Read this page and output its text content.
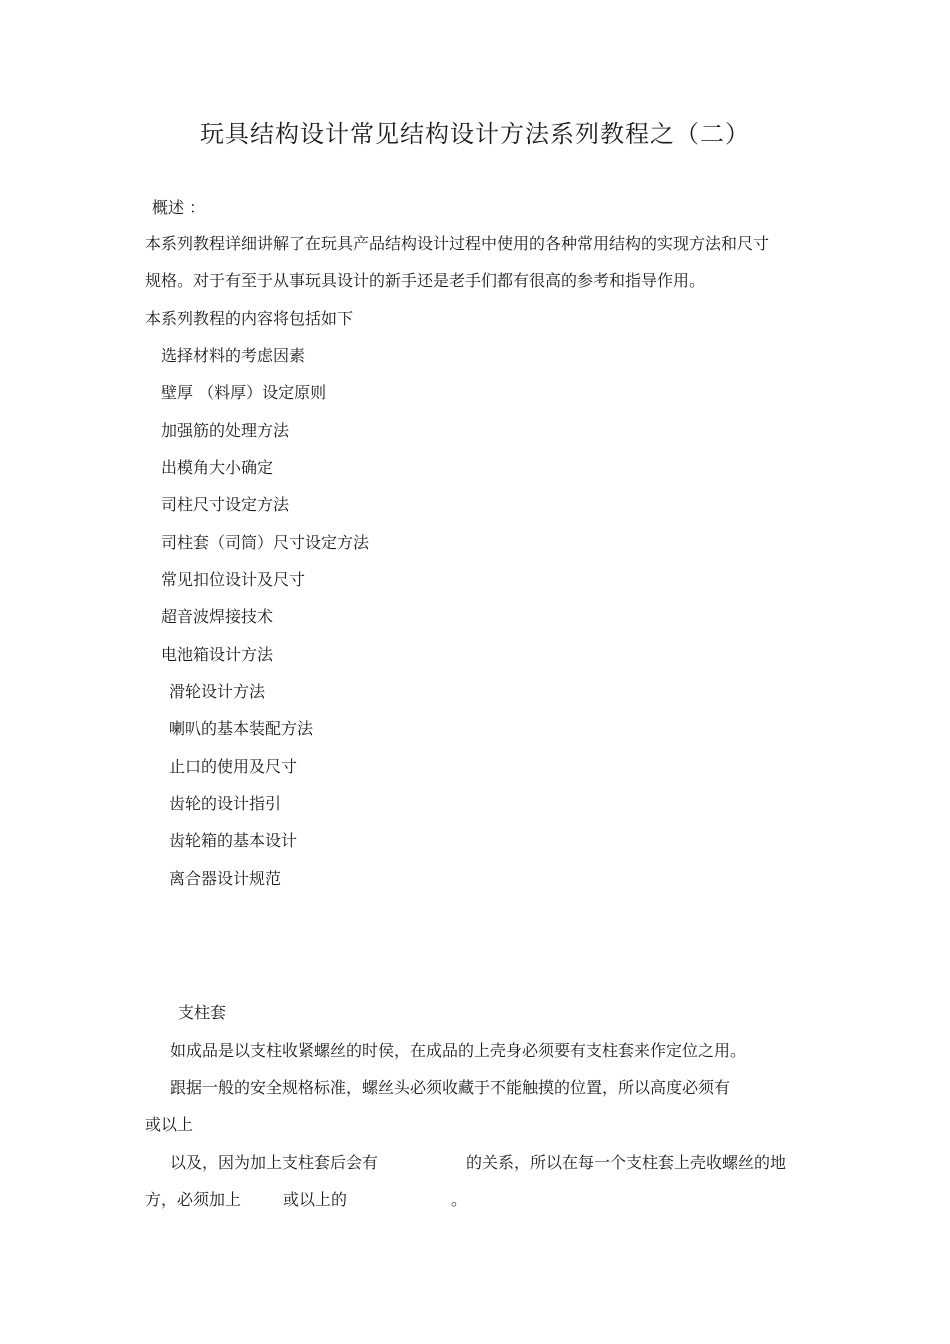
玩具结构设计常见结构设计方法系列教程之（二）
概述 ：
本系列教程详细讲解了在玩具产品结构设计过程中使用的各种常用结构的实现方法和尺寸
规格。对于有至于从事玩具设计的新手还是老手们都有很高的参考和指导作用。
本系列教程的内容将包括如下
选择材料的考虑因素
壁厚 （料厚）设定原则
加强筋的处理方法
出模角大小确定
司柱尺寸设定方法
司柱套（司筒）尺寸设定方法
常见扣位设计及尺寸
超音波焊接技术
电池箱设计方法
滑轮设计方法
喇叭的基本装配方法
止口的使用及尺寸
齿轮的设计指引
齿轮箱的基本设计
离合器设计规范
支柱套
如成品是以支柱收紧螺丝的时侯，在成品的上壳身必须要有支柱套来作定位之用。
跟据一般的安全规格标准，螺丝头必须收藏于不能触摸的位置，所以高度必须有
或以上
以及，因为加上支柱套后会有	的关系，所以在每一个支柱套上壳收螺丝的地
方，必须加上	或以上的	。
